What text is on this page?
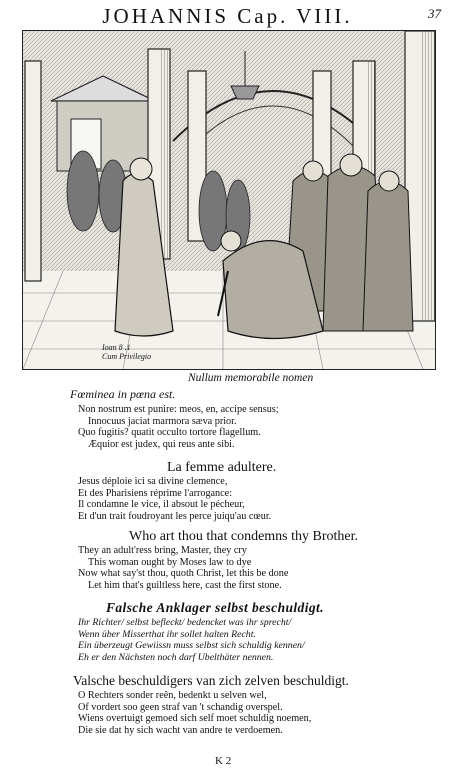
JOHANNIS Cap. VIII.	37
Ioan 8 .1
Cum Privilegio
Nullum memorabile nomen
Fœminea in pœna est.
Non nostrum est punire: meos, en, accipe sensus;
Innocuus jaciat marmora sæva prior.
Quo fugitis? quatit occulto tortore flagellum.
Æquior est judex, qui reus ante sibi.
La femme adultere.
Jesus déploie ici sa divine clemence,
Et des Pharisiens réprime l'arrogance:
Il condamne le vice, il absout le pécheur,
Et d'un trait foudroyant les perce juiqu'au cœur.
Who art thou that condemns thy Brother.
They an adult'ress bring, Master, they cry
This woman ought by Moses law to dye
Now what say'st thou, quoth Christ, let this be done
Let him that's guiltless here, cast the first stone.
Falsche Anklager selbst beschuldigt.
Ihr Richter/ selbst befleckt/ bedencket was ihr sprecht/
Wenn über Misserthat ihr sollet halten Recht.
Ein überzeugt Gewiissn muss selbst sich schuldig kennen/
Eh er den Nächsten noch darf Ubelthäter nennen.
Valsche beschuldigers van zich zelven beschuldigt.
O Rechters sonder reên, bedenkt u selven wel,
Of vordert soo geen straf van 't schandig overspel.
Wiens overtuigt gemoed sich self moet schuldig noemen,
Die sie dat hy sich wacht van andre te verdoemen.
K 2
